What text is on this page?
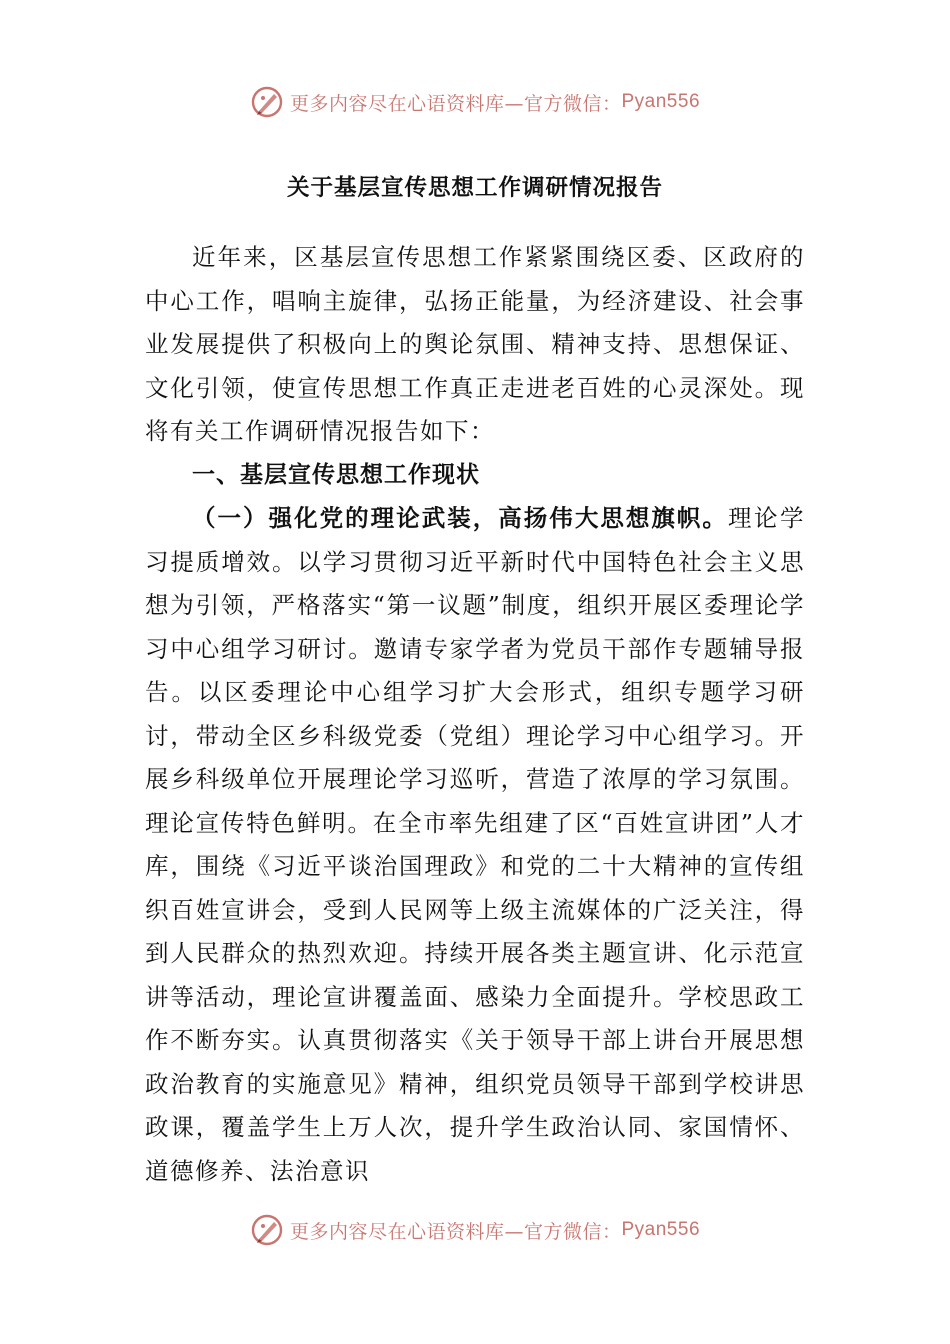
更多内容尽在心语资料库—官方微信： Pyan556
关于基层宣传思想工作调研情况报告

近年来，区基层宣传思想工作紧紧围绕区委、区政府的中心工作，唱响主旋律，弘扬正能量，为经济建设、社会事业发展提供了积极向上的舆论氛围、精神支持、思想保证、文化引领，使宣传思想工作真正走进老百姓的心灵深处。现将有关工作调研情况报告如下：

一、基层宣传思想工作现状

（一）强化党的理论武装，高扬伟大思想旗帜。理论学习提质增效。以学习贯彻习近平新时代中国特色社会主义思想为引领，严格落实“第一议题”制度，组织开展区委理论学习中心组学习研讨。邀请专家学者为党员干部作专题辅导报告。以区委理论中心组学习扩大会形式，组织专题学习研讨，带动全区乡科级党委（党组）理论学习中心组学习。开展乡科级单位开展理论学习巡听，营造了浓厚的学习氛围。理论宣传特色鲜明。在全市率先组建了区“百姓宣讲团”人才库，围绕《习近平谈治国理政》和党的二十大精神的宣传组织百姓宣讲会，受到人民网等上级主流媒体的广泛关注，得到人民群众的热烈欢迎。持续开展各类主题宣讲、化示范宣讲等活动，理论宣讲覆盖面、感染力全面提升。学校思政工作不断夯实。认真贯彻落实《关于领导干部上讲台开展思想政治教育的实施意见》精神，组织党员领导干部到学校讲思政课，覆盖学生上万人次，提升学生政治认同、家国情怀、道德修养、法治意识

更多内容尽在心语资料库—官方微信： Pyan556
